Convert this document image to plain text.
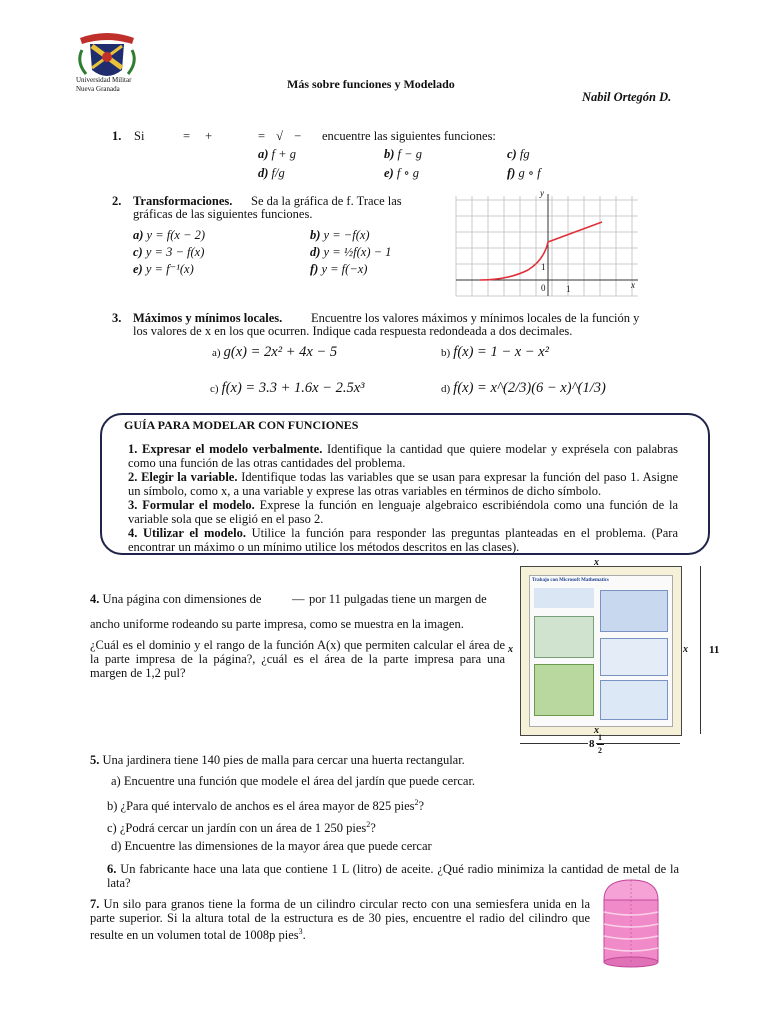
Universidad Militar
Nueva Granada	Más sobre funciones y Modelado
Nabil Ortegón D.
1. Si	= +	= √ − encuentre las siguientes funciones:
a) f + g	b) f − g	c) fg
d) f/g	e) f ∘ g	f) g ∘ f
2. Transformaciones. Se da la gráfica de f. Trace las
gráficas de las siguientes funciones.
a) y = f(x − 2)	b) y = −f(x)
c) y = 3 − f(x)	d) y = ½f(x) − 1
e) y = f⁻¹(x)	f) y = f(−x)
y
x
1
0 1
3. Máximos y mínimos locales. Encuentre los valores máximos y mínimos locales de la función y
los valores de x en los que ocurren. Indique cada respuesta redondeada a dos decimales.
a) g(x) = 2x² + 4x − 5	b) f(x) = 1 − x − x²
c) f(x) = 3.3 + 1.6x − 2.5x³	d) f(x) = x^(2/3)(6 − x)^(1/3)
GUÍA PARA MODELAR CON FUNCIONES
1. Expresar el modelo verbalmente. Identifique la cantidad que quiere modelar y exprésela con palabras como una función de las otras cantidades del problema.
2. Elegir la variable. Identifique todas las variables que se usan para expresar la función del paso 1. Asigne un símbolo, como x, a una variable y exprese las otras variables en términos de dicho símbolo.
3. Formular el modelo. Exprese la función en lenguaje algebraico escribiéndola como una función de la variable sola que se eligió en el paso 2.
4. Utilizar el modelo. Utilice la función para responder las preguntas planteadas en el problema. (Para encontrar un máximo o un mínimo utilice los métodos descritos en las clases).
4. Una página con dimensiones de — por 11 pulgadas tiene un margen de
ancho uniforme rodeando su parte impresa, como se muestra en la imagen.
¿Cuál es el dominio y el rango de la función A(x) que permiten calcular el área de la parte impresa de la página?, ¿cuál es el área de la parte impresa para una margen de 1,2 pul?
Trabajo con Microsoft Mathematics
x
x	x
x
11
8
1
2
5. Una jardinera tiene 140 pies de malla para cercar una huerta rectangular.
a) Encuentre una función que modele el área del jardín que puede cercar.
b) ¿Para qué intervalo de anchos es el área mayor de 825 pies$^2$?
c) ¿Podrá cercar un jardín con un área de 1 250 pies$^2$?
d) Encuentre las dimensiones de la mayor área que puede cercar
6. Un fabricante hace una lata que contiene 1 L (litro) de aceite. ¿Qué radio minimiza la cantidad de metal de la lata?
7. Un silo para granos tiene la forma de un cilindro circular recto con una semiesfera unida en la parte superior. Si la altura total de la estructura es de 30 pies, encuentre el radio del cilindro que resulte en un volumen total de 1008p pies$^3$.
